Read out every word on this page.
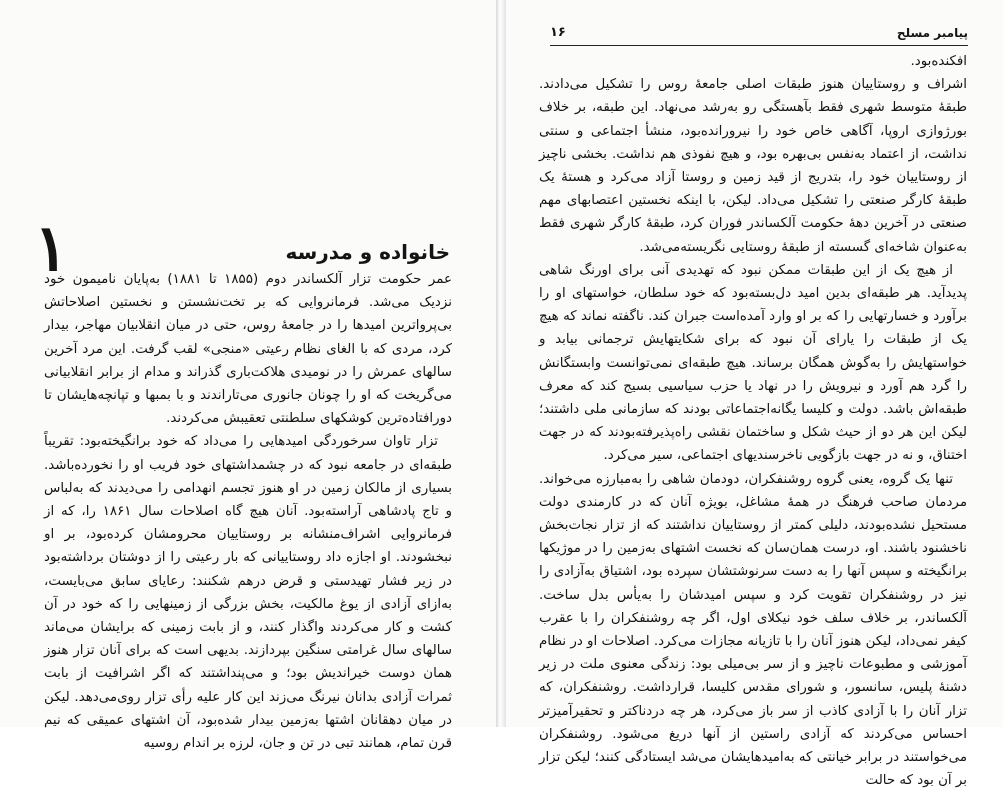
۱	خانواده و مدرسه

عمر حکومت تزار آلکساندر دوم (۱۸۵۵ تا ۱۸۸۱) به‌پایان ناميمون خود نزدیک می‌شد. فرمانروایی که بر تخت‌نشستن و نخستین اصلاحاتش بی‌پرواترین امیدها را در جامعهٔ روس، حتی در میان انقلابیان مهاجر، بیدار کرد، مردی که با الغای نظام رعیتی «منجی» لقب گرفت. این مرد آخرین سالهای عمرش را در نومیدی هلاکت‌باری گذراند و مدام از برابر انقلابیانی می‌گریخت که او را چونان جانوری می‌تاراندند و با بمبها و تپانچه‌هایشان تا دورافتاده‌ترین کوشکهای سلطنتی تعقیبش می‌کردند.

تزار تاوان سرخوردگی امیدهایی را می‌داد که خود برانگیخته‌بود: تقریباً طبقه‌ای در جامعه نبود که در چشمداشتهای خود فریب او را نخورده‌باشد. بسیاری از مالکان زمین در او هنوز تجسم انهدامی را می‌دیدند که به‌لباس و تاج پادشاهی آراسته‌بود. آنان هیچ گاه اصلاحات سال ۱۸۶۱ را، که از فرمانروایی اشراف‌منشانه بر روستاییان محرومشان کرده‌بود، بر او نبخشودند. او اجازه داد روستاییانی که بار رعیتی را از دوشتان برداشته‌بود در زیر فشار تهیدستی و قرض درهم شکنند: رعایای سابق می‌بایست، به‌ازای آزادی از یوغ مالکیت، بخش بزرگی از زمینهایی را که خود در آن کشت و کار می‌کردند واگذار کنند، و از بابت زمینی که برایشان می‌ماند سالهای سال غرامتی سنگین بپردازند. بدیهی است که برای آنان تزار هنوز همان دوست خیراندیش بود؛ و می‌پنداشتند که اگر اشرافیت از بابت ثمرات آزادی بدانان نیرنگ می‌زند این کار علیه رأی تزار روی‌می‌دهد. لیکن در میان دهقانان اشتها به‌زمین بیدار شده‌بود، آن اشتهای عمیقی که نیم قرن تمام، همانند تبی در تن و جان، لرزه بر اندام روسیه

۱۶	پیامبر مسلح

افکنده‌بود.

اشراف و روستاییان هنوز طبقات اصلی جامعهٔ روس را تشکیل می‌دادند. طبقهٔ متوسط شهری فقط بآهستگی رو به‌رشد می‌نهاد. این طبقه، بر خلاف بورژوازی اروپا، آگاهی خاص خود را نیرورانده‌بود، منشأ اجتماعی و سنتی نداشت، از اعتماد به‌نفس بی‌بهره بود، و هیچ نفوذی هم نداشت. بخشی ناچیز از روستاییان خود را، بتدریج از قید زمین و روستا آزاد می‌کرد و هستهٔ یک طبقهٔ کارگر صنعتی را تشکیل می‌داد. لیکن، با اینکه نخستین اعتصابهای مهم صنعتی در آخرین دههٔ حکومت آلکساندر فوران کرد، طبقهٔ کارگر شهری فقط به‌عنوان شاخه‌ای گسسته از طبقهٔ روستایی نگریسته‌می‌شد.

از هیچ یک از این طبقات ممکن نبود که تهدیدی آنی برای اورنگ شاهی پدیدآید. هر طبقه‌ای بدین امید دل‌بسته‌بود که خود سلطان، خواستهای او را برآورد و خسارتهایی را که بر او وارد آمده‌است جبران کند. ناگفته نماند که هیچ یک از طبقات را یارای آن نبود که برای شکایتهایش ترجمانی بیابد و خواستهایش را به‌گوش همگان برساند. هیچ طبقه‌ای نمی‌توانست وابستگانش را گرد هم آورد و نیرویش را در نهاد یا حزب سیاسیی بسیج کند که معرف طبقه‌اش باشد. دولت و کلیسا یگانه‌اجتماعاتی بودند که سازمانی ملی داشتند؛ لیکن این هر دو از حیث شکل و ساختمان نقشی راه‌پذیرفته‌بودند که در جهت اختناق، و نه در جهت بازگویی ناخرسندیهای اجتماعی، سیر می‌کرد.

تنها یک گروه، یعنی گروه روشنفکران، دودمان شاهی را به‌مبارزه می‌خواند. مردمان صاحب فرهنگ در همهٔ مشاغل، بویژه آنان که در کارمندی دولت مستحیل نشده‌بودند، دلیلی کمتر از روستاییان نداشتند که از تزار نجات‌بخش ناخشنود باشند. او، درست همان‌سان که نخست اشتهای به‌زمین را در موژیکها برانگیخته و سپس آنها را به دست سرنوشتشان سپرده بود، اشتیاق به‌آزادی را نیز در روشنفکران تقویت کرد و سپس امیدشان را به‌یأس بدل ساخت. آلکساندر، بر خلاف سلف خود نیکلای اول، اگر چه روشنفکران را با عقرب کیفر نمی‌داد، لیکن هنوز آنان را با تازیانه مجازات می‌کرد. اصلاحات او در نظام آموزشی و مطبوعات ناچیز و از سر بی‌میلی بود: زندگی معنوی ملت در زیر دشنهٔ پلیس، سانسور، و شورای مقدس کلیسا، قرارداشت. روشنفکران، که تزار آنان را با آزادی کاذب از سر باز می‌کرد، هر چه دردناکتر و تحقیرآمیزتر احساس می‌کردند که آزادی راستین از آنها دریغ می‌شود. روشنفکران می‌خواستند در برابر خیانتی که به‌امیدهایشان می‌شد ایستادگی کنند؛ لیکن تزار بر آن بود که حالت
